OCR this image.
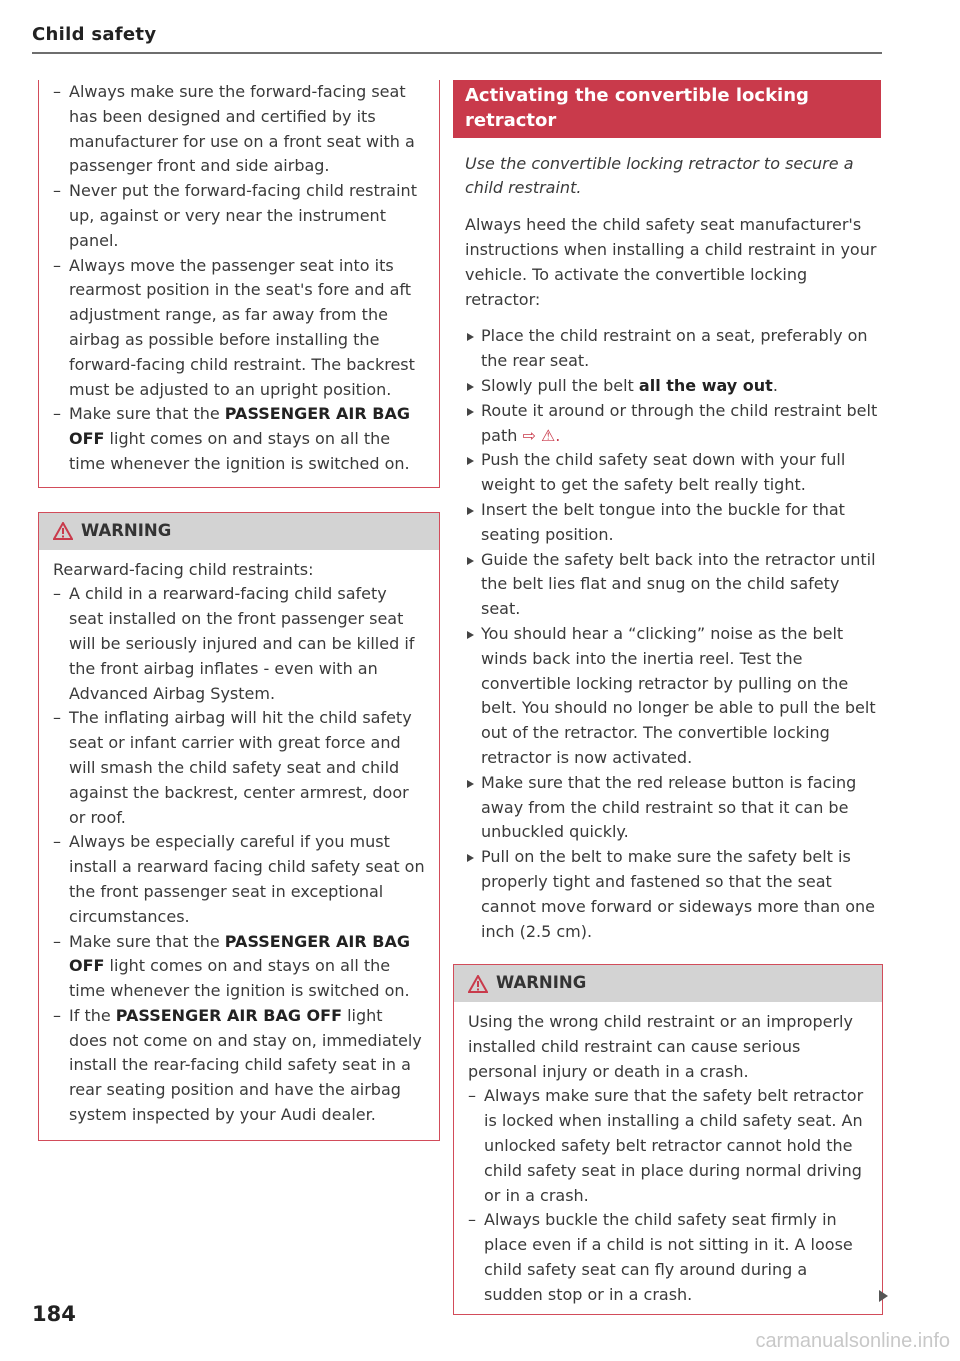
Child safety
– Always make sure the forward-facing seat has been designed and certified by its manufacturer for use on a front seat with a passenger front and side airbag.
– Never put the forward-facing child restraint up, against or very near the instrument panel.
– Always move the passenger seat into its rearmost position in the seat's fore and aft adjustment range, as far away from the airbag as possible before installing the forward-facing child restraint. The backrest must be adjusted to an upright position.
– Make sure that the PASSENGER AIR BAG OFF light comes on and stays on all the time whenever the ignition is switched on.
WARNING
Rearward-facing child restraints:
– A child in a rearward-facing child safety seat installed on the front passenger seat will be seriously injured and can be killed if the front airbag inflates - even with an Advanced Airbag System.
– The inflating airbag will hit the child safety seat or infant carrier with great force and will smash the child safety seat and child against the backrest, center armrest, door or roof.
– Always be especially careful if you must install a rearward facing child safety seat on the front passenger seat in exceptional circumstances.
– Make sure that the PASSENGER AIR BAG OFF light comes on and stays on all the time whenever the ignition is switched on.
– If the PASSENGER AIR BAG OFF light does not come on and stay on, immediately install the rear-facing child safety seat in a rear seating position and have the airbag system inspected by your Audi dealer.
Activating the convertible locking retractor

Use the convertible locking retractor to secure a child restraint.

Always heed the child safety seat manufacturer's instructions when installing a child restraint in your vehicle. To activate the convertible locking retractor:

Place the child restraint on a seat, preferably on the rear seat.
Slowly pull the belt all the way out.
Route it around or through the child restraint belt path ⇨ ⚠.
Push the child safety seat down with your full weight to get the safety belt really tight.
Insert the belt tongue into the buckle for that seating position.
Guide the safety belt back into the retractor until the belt lies flat and snug on the child safety seat.
You should hear a “clicking” noise as the belt winds back into the inertia reel. Test the convertible locking retractor by pulling on the belt. You should no longer be able to pull the belt out of the retractor. The convertible locking retractor is now activated.
Make sure that the red release button is facing away from the child restraint so that it can be unbuckled quickly.
Pull on the belt to make sure the safety belt is properly tight and fastened so that the seat cannot move forward or sideways more than one inch (2.5 cm).
WARNING
Using the wrong child restraint or an improperly installed child restraint can cause serious personal injury or death in a crash.
– Always make sure that the safety belt retractor is locked when installing a child safety seat. An unlocked safety belt retractor cannot hold the child safety seat in place during normal driving or in a crash.
– Always buckle the child safety seat firmly in place even if a child is not sitting in it. A loose child safety seat can fly around during a sudden stop or in a crash.
184
carmanualsonline.info
